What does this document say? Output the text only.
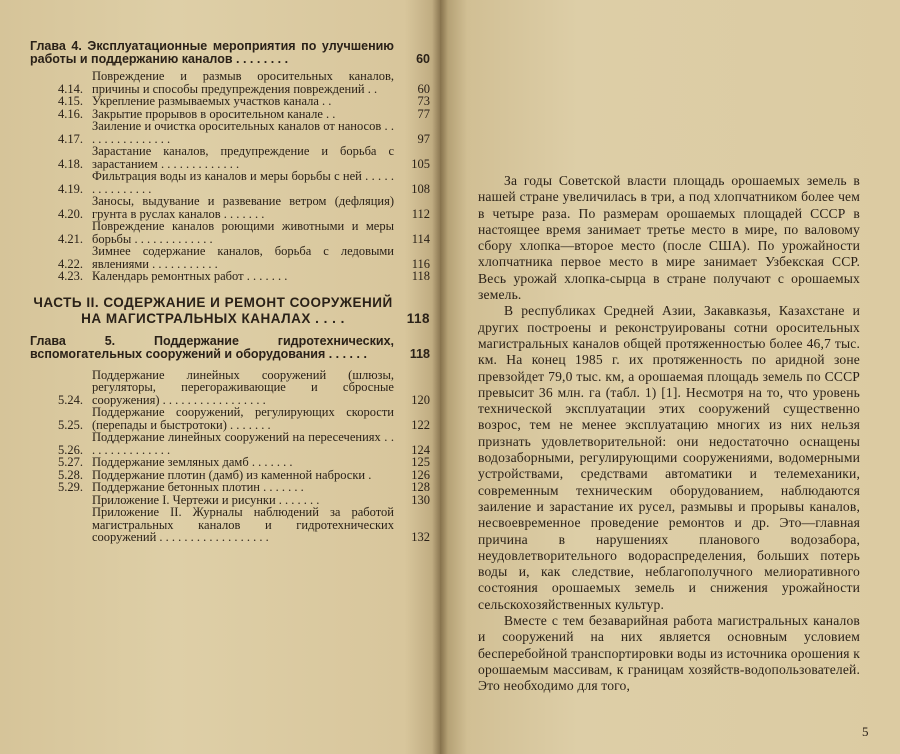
Глава 4. Эксплуатационные мероприятия по улучшению работы и поддержанию каналов . . . . . . . .	60
4.14.
Повреждение и размыв оросительных каналов, причины и способы предупреждения повреждений . .	60
4.15. Укрепление размываемых участков канала . .	73
4.16. Закрытие прорывов в оросительном канале . .	77
4.17.
Заиление и очистка оросительных каналов от наносов . . . . . . . . . . . . . . .	97
4.18.
Зарастание каналов, предупреждение и борьба с зарастанием . . . . . . . . . . . . .	105
4.19.
Фильтрация воды из каналов и меры борьбы с ней . . . . . . . . . . . . . . .	108
4.20.
Заносы, выдувание и развевание ветром (дефляция) грунта в руслах каналов . . . . . . .	112
4.21.
Повреждение каналов роющими животными и меры борьбы . . . . . . . . . . . . .	114
4.22.
Зимнее содержание каналов, борьба с ледовыми явлениями . . . . . . . . . . .	116
4.23. Календарь ремонтных работ . . . . . . .	118
ЧАСТЬ II. СОДЕРЖАНИЕ И РЕМОНТ СООРУЖЕНИЙ НА МАГИСТРАЛЬНЫХ КАНАЛАХ . . . .	118
Глава 5. Поддержание гидротехнических, вспомогательных сооружений и оборудования . . . . . .	118
5.24.
Поддержание линейных сооружений (шлюзы, регуляторы, перегораживающие и сбросные сооружения) . . . . . . . . . . . . . . . . .	120
5.25.
Поддержание сооружений, регулирующих скорости (перепады и быстротоки) . . . . . . .	122
5.26.
Поддержание линейных сооружений на пересечениях . . . . . . . . . . . . . . .	124
5.27. Поддержание земляных дамб . . . . . . .	125
5.28. Поддержание плотин (дамб) из каменной наброски .	126
5.29. Поддержание бетонных плотин . . . . . . .	128
Приложение I. Чертежи и рисунки . . . . . . .	130
Приложение II. Журналы наблюдений за работой магистральных каналов и гидротехнических сооружений . . . . . . . . . . . . . . . . . .	132

За годы Советской власти площадь орошаемых земель в нашей стране увеличилась в три, а под хлопчатником более чем в четыре раза. По размерам орошаемых площадей СССР в настоящее время занимает третье место в мире, по валовому сбору хлопка—второе место (после США). По урожайности хлопчатника первое место в мире занимает Узбекская ССР. Весь урожай хлопка-сырца в стране получают с орошаемых земель.

В республиках Средней Азии, Закавказья, Казахстане и других построены и реконструированы сотни оросительных магистральных каналов общей протяженностью более 46,7 тыс. км. На конец 1985 г. их протяженность по аридной зоне превзойдет 79,0 тыс. км, а орошаемая площадь земель по СССР превысит 36 млн. га (табл. 1) [1]. Несмотря на то, что уровень технической эксплуатации этих сооружений существенно возрос, тем не менее эксплуатацию многих из них нельзя признать удовлетворительной: они недостаточно оснащены водозаборными, регулирующими сооружениями, водомерными устройствами, средствами автоматики и телемеханики, современным техническим оборудованием, наблюдаются заиление и зарастание их русел, размывы и прорывы каналов, несвоевременное проведение ремонтов и др. Это—главная причина в нарушениях планового водозабора, неудовлетворительного водораспределения, больших потерь воды и, как следствие, неблагополучного мелиоративного состояния орошаемых земель и снижения урожайности сельскохозяйственных культур.

Вместе с тем безаварийная работа магистральных каналов и сооружений на них является основным условием бесперебойной транспортировки воды из источника орошения к орошаемым массивам, к границам хозяйств-водопользователей. Это необходимо для того,

5
